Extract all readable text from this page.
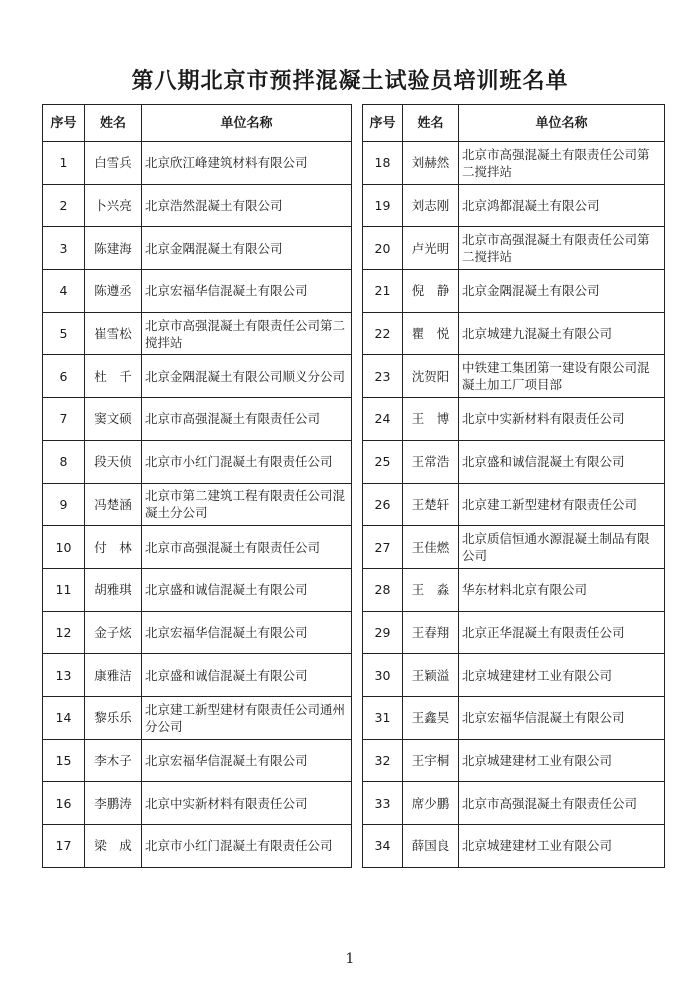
第八期北京市预拌混凝土试验员培训班名单
序号	姓名	单位名称
1	白雪兵	北京欣江峰建筑材料有限公司
2	卜兴亮	北京浩然混凝土有限公司
3	陈建海	北京金隅混凝土有限公司
4	陈遵丞	北京宏福华信混凝土有限公司
5	崔雪松	北京市高强混凝土有限责任公司第二搅拌站
6	杜　千	北京金隅混凝土有限公司顺义分公司
7	窦文硕	北京市高强混凝土有限责任公司
8	段天侦	北京市小红门混凝土有限责任公司
9	冯楚涵	北京市第二建筑工程有限责任公司混凝土分公司
10	付　林	北京市高强混凝土有限责任公司
11	胡雅琪	北京盛和诚信混凝土有限公司
12	金子炫	北京宏福华信混凝土有限公司
13	康雅洁	北京盛和诚信混凝土有限公司
14	黎乐乐	北京建工新型建材有限责任公司通州分公司
15	李木子	北京宏福华信混凝土有限公司
16	李鹏涛	北京中实新材料有限责任公司
17	梁　成	北京市小红门混凝土有限责任公司
序号	姓名	单位名称
18	刘赫然	北京市高强混凝土有限责任公司第二搅拌站
19	刘志刚	北京鸿都混凝土有限公司
20	卢光明	北京市高强混凝土有限责任公司第二搅拌站
21	倪　静	北京金隅混凝土有限公司
22	瞿　悦	北京城建九混凝土有限公司
23	沈贺阳	中铁建工集团第一建设有限公司混凝土加工厂项目部
24	王　博	北京中实新材料有限责任公司
25	王常浩	北京盛和诚信混凝土有限公司
26	王楚轩	北京建工新型建材有限责任公司
27	王佳燃	北京质信恒通水源混凝土制品有限公司
28	王　淼	华东材料北京有限公司
29	王春翔	北京正华混凝土有限责任公司
30	王颖溢	北京城建建材工业有限公司
31	王鑫昊	北京宏福华信混凝土有限公司
32	王宇桐	北京城建建材工业有限公司
33	席少鹏	北京市高强混凝土有限责任公司
34	薛国良	北京城建建材工业有限公司
1
